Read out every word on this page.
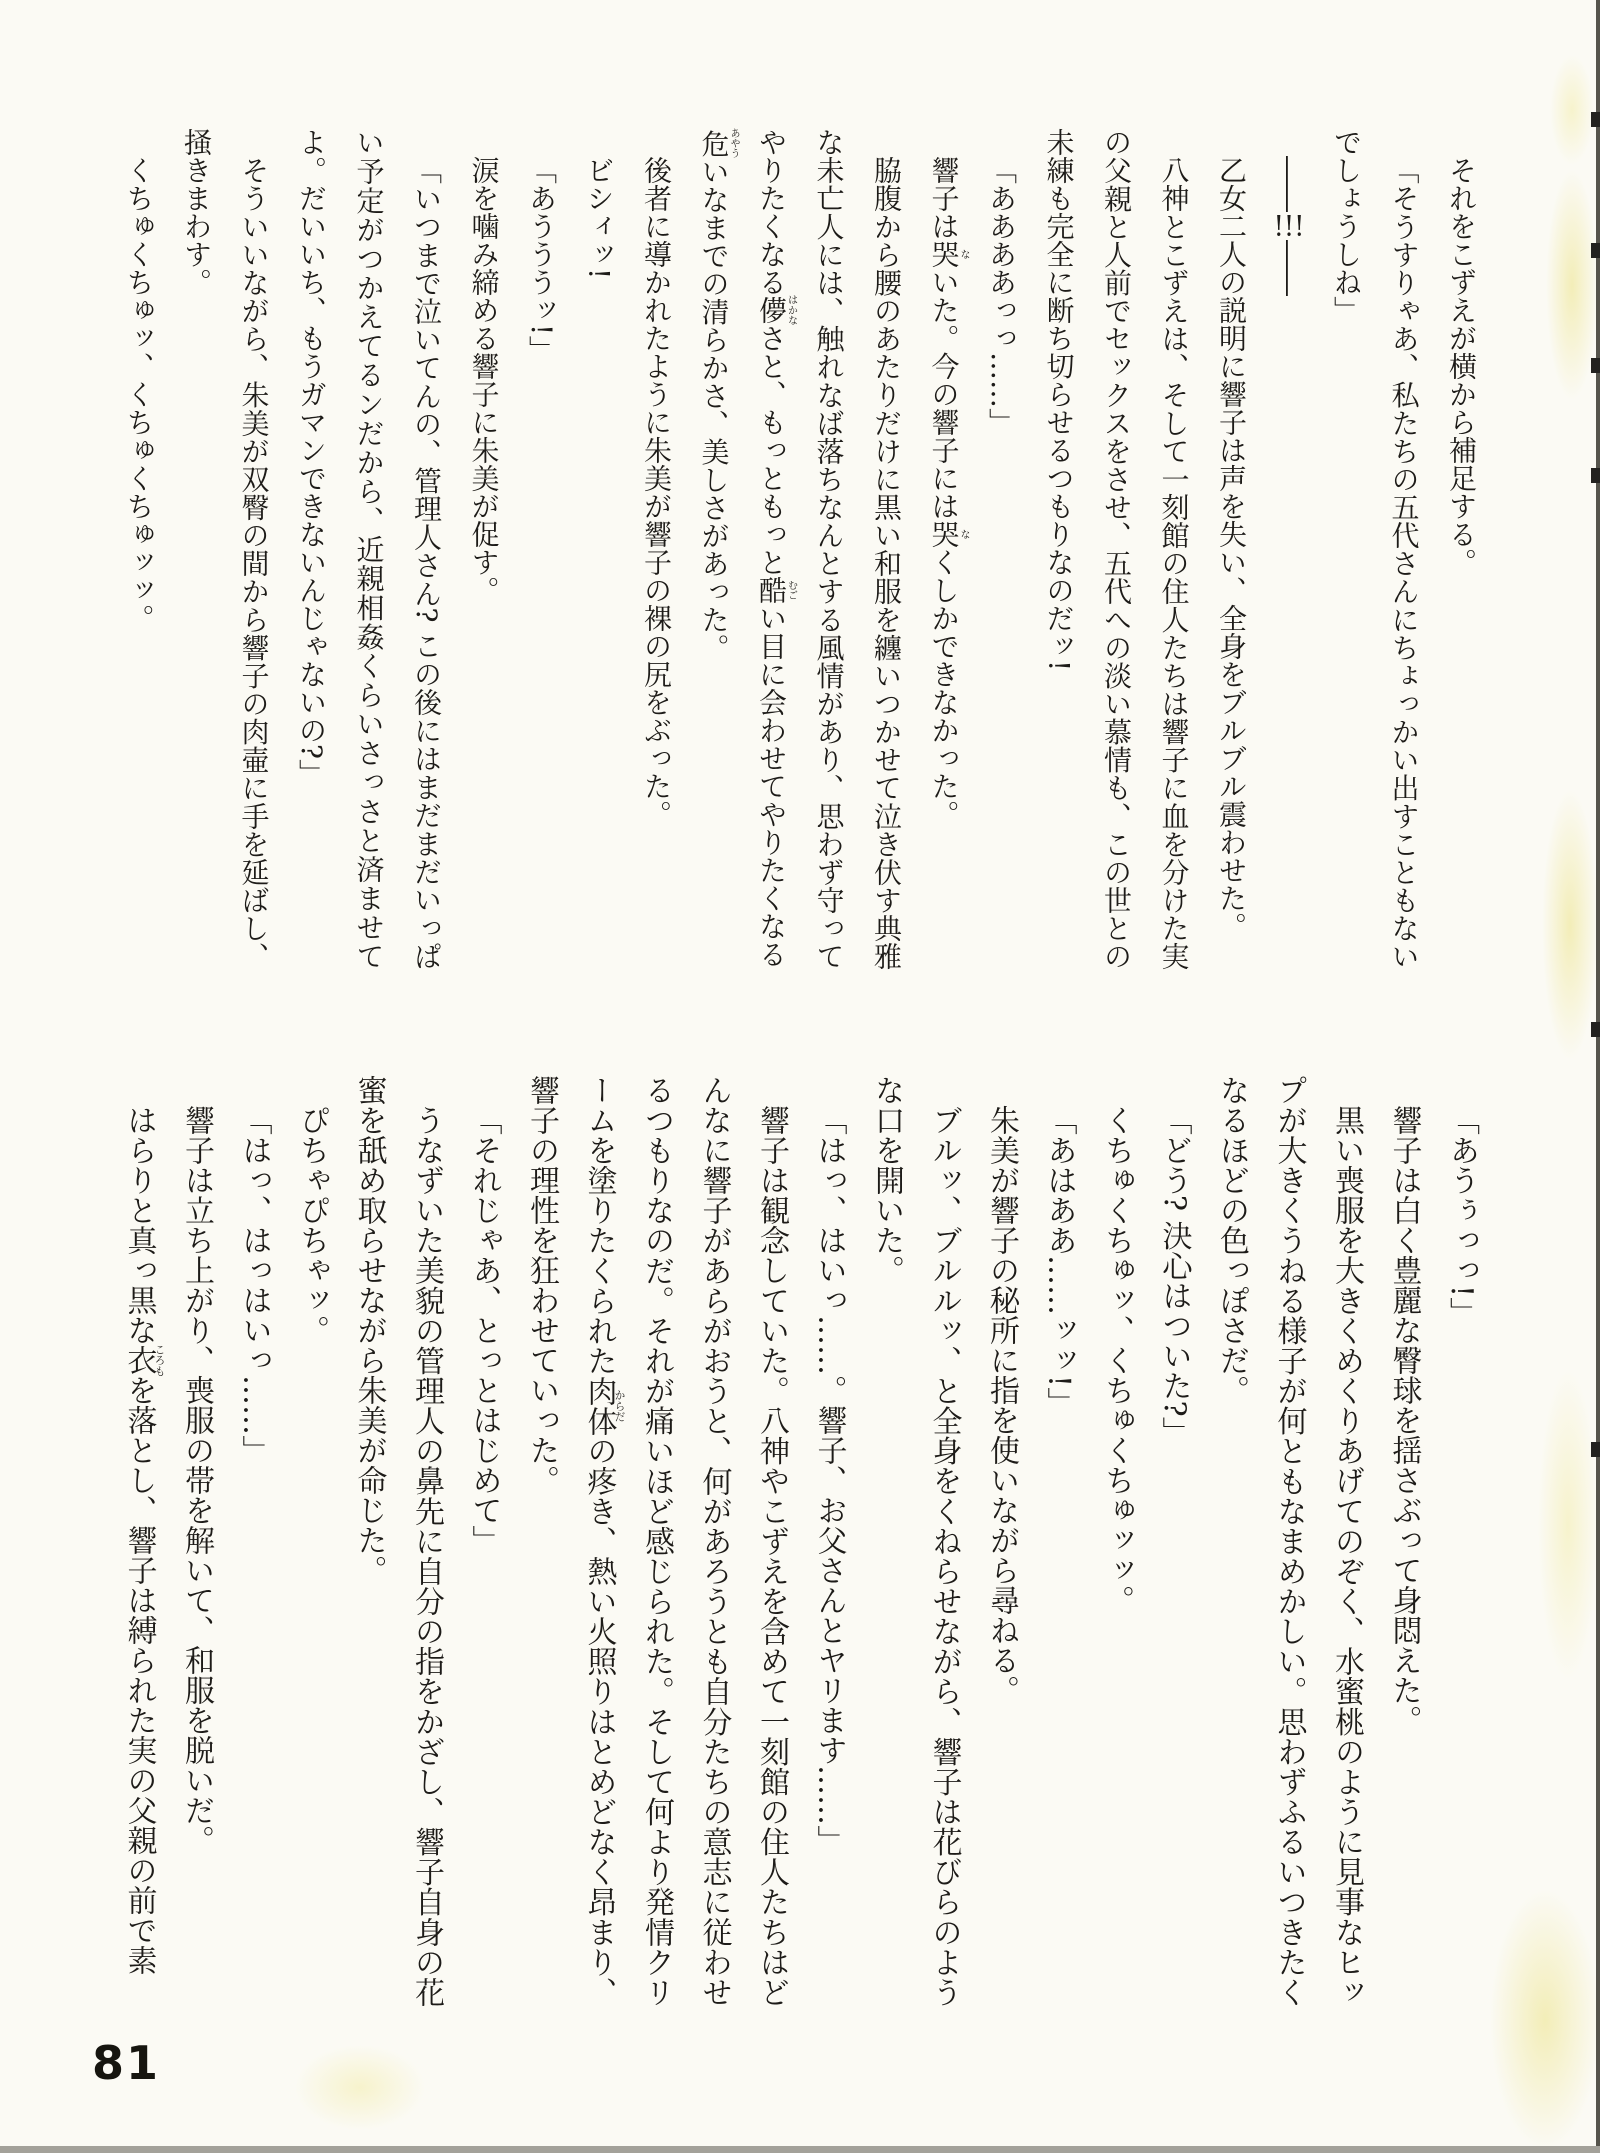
それをこずえが横から補足する。

「そうすりゃあ、私たちの五代さんにちょっかい出すこともないでしょうしね」

――!!!――

乙女二人の説明に響子は声を失い、全身をブルブル震わせた。

八神とこずえは、そして一刻館の住人たちは響子に血を分けた実の父親と人前でセックスをさせ、五代への淡い慕情も、この世との未練も完全に断ち切らせるつもりなのだッ!

「ああああっっ……」

響子は哭ないた。今の響子には哭なくしかできなかった。

脇腹から腰のあたりだけに黒い和服を纏いつかせて泣き伏す典雅な未亡人には、触れなば落ちなんとする風情があり、思わず守ってやりたくなる儚はかなさと、もっともっと酷むごい目に会わせてやりたくなる危あやういなまでの清らかさ、美しさがあった。

後者に導かれたように朱美が響子の裸の尻をぶった。

ビシィッ!

「あうううッ!」

涙を噛み締める響子に朱美が促す。

「いつまで泣いてんの、管理人さん? この後にはまだまだいっぱい予定がつかえてるンだから、近親相姦くらいさっさと済ませてよ。だいいち、もうガマンできないんじゃないの?」

そういいながら、朱美が双臀の間から響子の肉壷に手を延ばし、掻きまわす。

くちゅくちゅッ、くちゅくちゅッッ。

「あうぅっっ!」

響子は白く豊麗な臀球を揺さぶって身悶えた。

黒い喪服を大きくめくりあげてのぞく、水蜜桃のように見事なヒップが大きくうねる様子が何ともなまめかしい。思わずふるいつきたくなるほどの色っぽさだ。

「どう? 決心はついた?」

くちゅくちゅッ、くちゅくちゅッッ。

「あはああ……ッッ!」

朱美が響子の秘所に指を使いながら尋ねる。

ブルッ、ブルルッ、と全身をくねらせながら、響子は花びらのような口を開いた。

「はっ、はいっ……。響子、お父さんとヤリます……」

響子は観念していた。八神やこずえを含めて一刻館の住人たちはどんなに響子があらがおうと、何があろうとも自分たちの意志に従わせるつもりなのだ。それが痛いほど感じられた。そして何より発情クリームを塗りたくられた肉体からだの疼き、熱い火照りはとめどなく昂まり、響子の理性を狂わせていった。

「それじゃあ、とっとはじめて」

うなずいた美貌の管理人の鼻先に自分の指をかざし、響子自身の花蜜を舐め取らせながら朱美が命じた。

ぴちゃぴちゃッ。

「はっ、はっはいっ……」

響子は立ち上がり、喪服の帯を解いて、和服を脱いだ。

はらりと真っ黒な衣ころもを落とし、響子は縛られた実の父親の前で素

81
